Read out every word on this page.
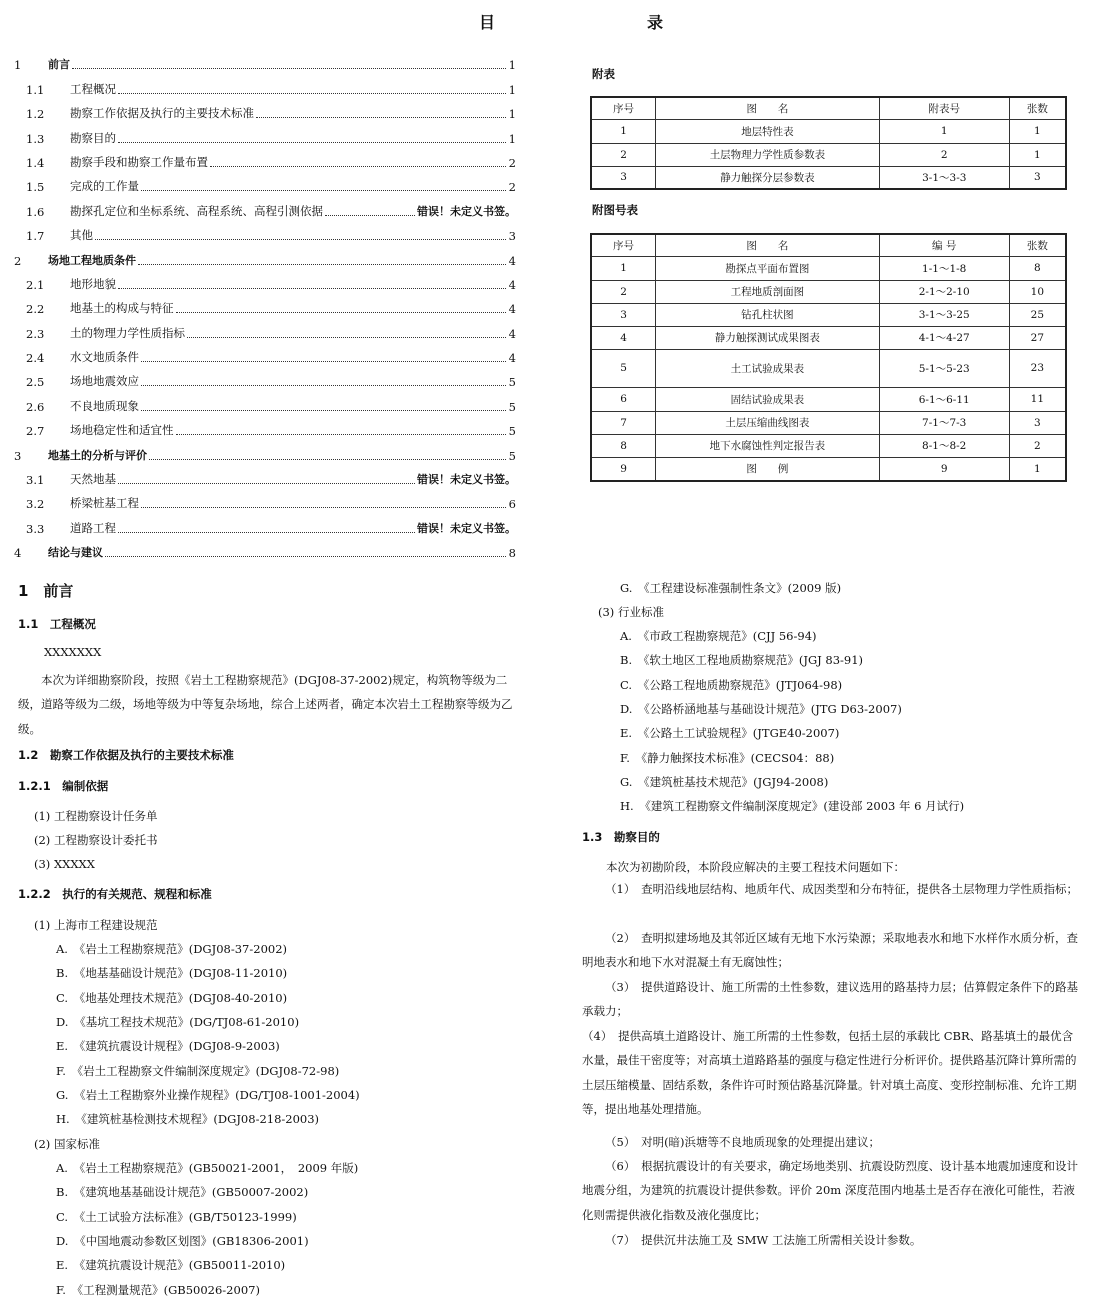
目　　录
1	前言	1
1.1	工程概况	1
1.2	勘察工作依据及执行的主要技术标准	1
1.3	勘察目的	1
1.4	勘察手段和勘察工作量布置	2
1.5	完成的工作量	2
1.6	勘探孔定位和坐标系统、高程系统、高程引测依据	错误！未定义书签。
1.7	其他	3
2	场地工程地质条件	4
2.1	地形地貌	4
2.2	地基土的构成与特征	4
2.3	土的物理力学性质指标	4
2.4	水文地质条件	4
2.5	场地地震效应	5
2.6	不良地质现象	5
2.7	场地稳定性和适宜性	5
3	地基土的分析与评价	5
3.1	天然地基	错误！未定义书签。
3.2	桥梁桩基工程	6
3.3	道路工程	错误！未定义书签。
4	结论与建议	8
附表
序号	图　　名	附表号	张数
1	地层特性表	1	1
2	土层物理力学性质参数表	2	1
3	静力触探分层参数表	3-1～3-3	3
附图号表
序号	图　　名	编 号	张数
1	勘探点平面布置图	1-1～1-8	8
2	工程地质剖面图	2-1～2-10	10
3	钻孔柱状图	3-1～3-25	25
4	静力触探测试成果图表	4-1～4-27	27
5	土工试验成果表	5-1～5-23	23
6	固结试验成果表	6-1～6-11	11
7	土层压缩曲线图表	7-1～7-3	3
8	地下水腐蚀性判定报告表	8-1～8-2	2
9	图　　例	9	1
1　前言
1.1　工程概况
XXXXXXX
本次为详细勘察阶段，按照《岩土工程勘察规范》(DGJ08-37-2002)规定，构筑物等级为二级，道路等级为二级，场地等级为中等复杂场地，综合上述两者，确定本次岩土工程勘察等级为乙级。
1.2　勘察工作依据及执行的主要技术标准
1.2.1　编制依据
(1) 工程勘察设计任务单
(2) 工程勘察设计委托书
(3) XXXXX
1.2.2　执行的有关规范、规程和标准
(1) 上海市工程建设规范
A.　《岩土工程勘察规范》(DGJ08-37-2002)
B.　《地基基础设计规范》(DGJ08-11-2010)
C.　《地基处理技术规范》(DGJ08-40-2010)
D.　《基坑工程技术规范》(DG/TJ08-61-2010)
E.　《建筑抗震设计规程》(DGJ08-9-2003)
F.　《岩土工程勘察文件编制深度规定》(DGJ08-72-98)
G.　《岩土工程勘察外业操作规程》(DG/TJ08-1001-2004)
H.　《建筑桩基检测技术规程》(DGJ08-218-2003)
(2) 国家标准
A.　《岩土工程勘察规范》(GB50021-2001，　2009 年版)
B.　《建筑地基基础设计规范》(GB50007-2002)
C.　《土工试验方法标准》(GB/T50123-1999)
D.　《中国地震动参数区划图》(GB18306-2001)
E.　《建筑抗震设计规范》(GB50011-2010)
F.　《工程测量规范》(GB50026-2007)
G.　《工程建设标准强制性条文》(2009 版)
(3) 行业标准
A.　《市政工程勘察规范》(CJJ 56-94)
B.　《软土地区工程地质勘察规范》(JGJ 83-91)
C.　《公路工程地质勘察规范》(JTJ064-98)
D.　《公路桥涵地基与基础设计规范》(JTG D63-2007)
E.　《公路土工试验规程》(JTGE40-2007)
F.　《静力触探技术标准》(CECS04：88)
G.　《建筑桩基技术规范》(JGJ94-2008)
H.　《建筑工程勘察文件编制深度规定》(建设部 2003 年 6 月试行)
1.3　勘察目的
本次为初勘阶段，本阶段应解决的主要工程技术问题如下：
（1）　查明沿线地层结构、地质年代、成因类型和分布特征，提供各土层物理力学性质指标；
（2）　查明拟建场地及其邻近区域有无地下水污染源；采取地表水和地下水样作水质分析，查明地表水和地下水对混凝土有无腐蚀性；
（3）　提供道路设计、施工所需的土性参数，建议选用的路基持力层；估算假定条件下的路基承载力；
（4）　提供高填土道路设计、施工所需的土性参数，包括土层的承载比 CBR、路基填土的最优含水量，最佳干密度等；对高填土道路路基的强度与稳定性进行分析评价。提供路基沉降计算所需的土层压缩模量、固结系数，条件许可时预估路基沉降量。针对填土高度、变形控制标准、允许工期等，提出地基处理措施。
（5）　对明(暗)浜塘等不良地质现象的处理提出建议；
（6）　根据抗震设计的有关要求，确定场地类别、抗震设防烈度、设计基本地震加速度和设计地震分组，为建筑的抗震设计提供参数。评价 20m 深度范围内地基土是否存在液化可能性，若液化则需提供液化指数及液化强度比；
（7）　提供沉井法施工及 SMW 工法施工所需相关设计参数。
